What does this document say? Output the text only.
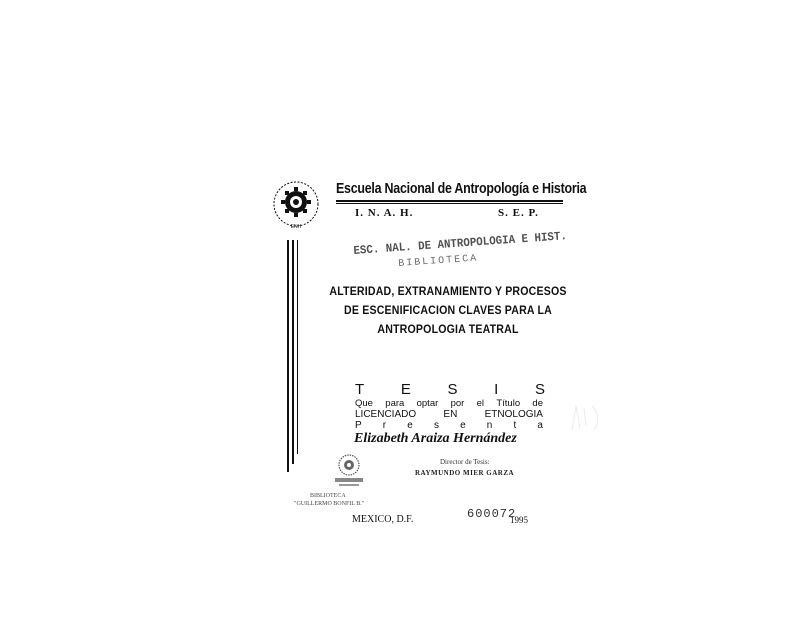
ENH
Escuela Nacional de Antropología e Historia
I. N. A. H.	S. E. P.
ESC. NAL. DE ANTROPOLOGIA E HIST.
BIBLIOTECA
ALTERIDAD, EXTRANAMIENTO Y PROCESOS
DE ESCENIFICACION CLAVES PARA LA
ANTROPOLOGIA TEATRAL
T E S I S
Que para optar por el Título de
LICENCIADO	EN	ETNOLOGIA
P r e s e n t a
Elizabeth Araiza Hernández
Director de Tesis:
RAYMUNDO MIER GARZA
BIBLIOTECA
"GUILLERMO BONFIL B."
MEXICO, D.F.	600072
1995
